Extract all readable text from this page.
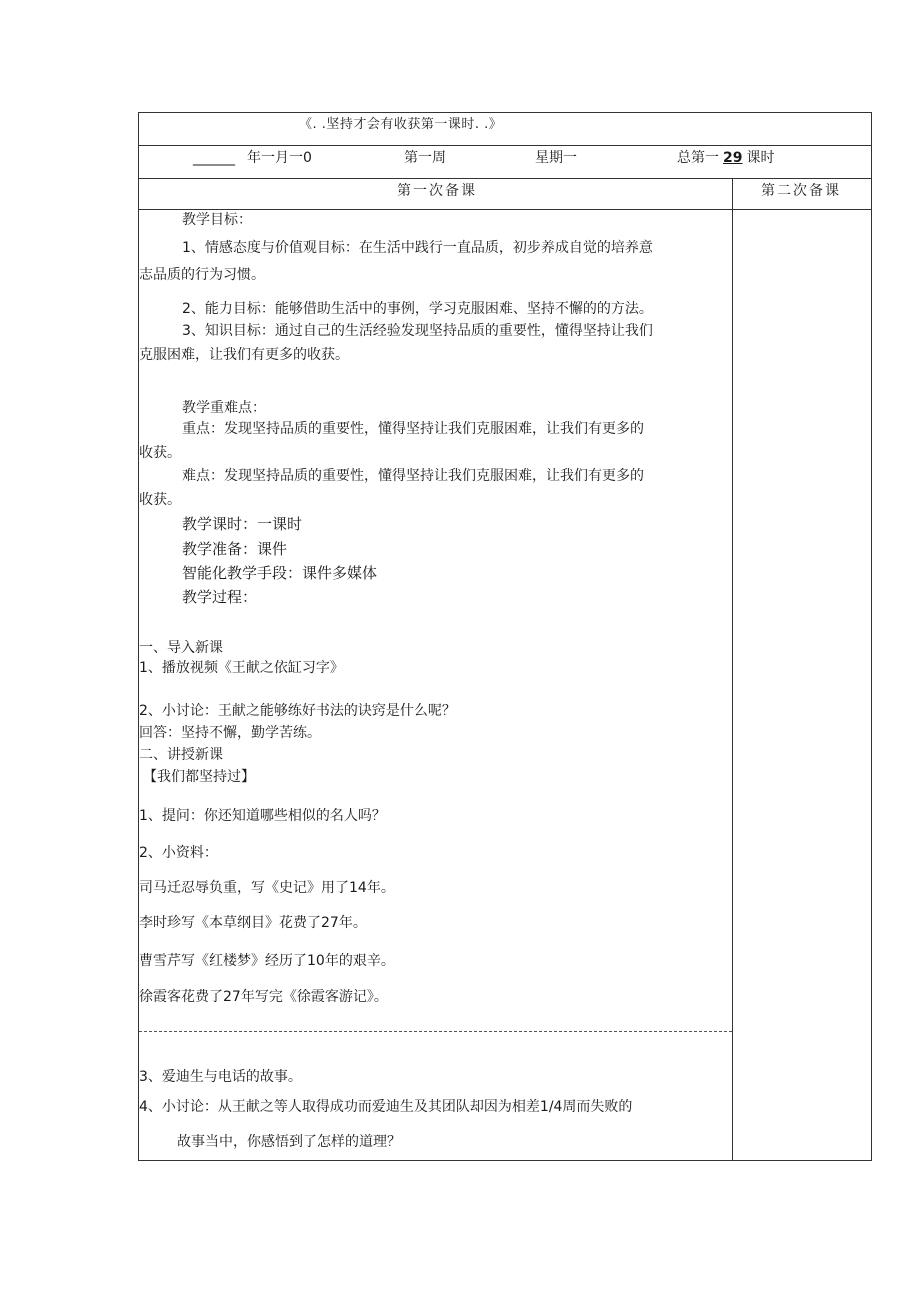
《. .坚持才会有收获第一课时. .》
______ 年一月一0	第一周	星期一	总第一 29 课时
第一次备课	第二次备课
教学目标：
1、情感态度与价值观目标：在生活中践行一直品质，初步养成自觉的培养意
志品质的行为习惯。
2、能力目标：能够借助生活中的事例，学习克服困难、坚持不懈的的方法。
3、知识目标：通过自己的生活经验发现坚持品质的重要性，懂得坚持让我们
克服困难，让我们有更多的收获。
教学重难点：
重点：发现坚持品质的重要性，懂得坚持让我们克服困难，让我们有更多的
收获。
难点：发现坚持品质的重要性，懂得坚持让我们克服困难，让我们有更多的
收获。
教学课时：一课时
教学准备：课件
智能化教学手段：课件多媒体
教学过程：
一、导入新课
1、播放视频《王献之依缸习字》
2、小讨论：王献之能够练好书法的诀窍是什么呢？
回答：坚持不懈，勤学苦练。
二、讲授新课
【我们都坚持过】
1、提问：你还知道哪些相似的名人吗？
2、小资料：
司马迁忍辱负重，写《史记》用了14年。
李时珍写《本草纲目》花费了27年。
曹雪芹写《红楼梦》经历了10年的艰辛。
徐霞客花费了27年写完《徐霞客游记》。
3、爱迪生与电话的故事。
4、小讨论：从王献之等人取得成功而爱迪生及其团队却因为相差1/4周而失败的
故事当中，你感悟到了怎样的道理？
